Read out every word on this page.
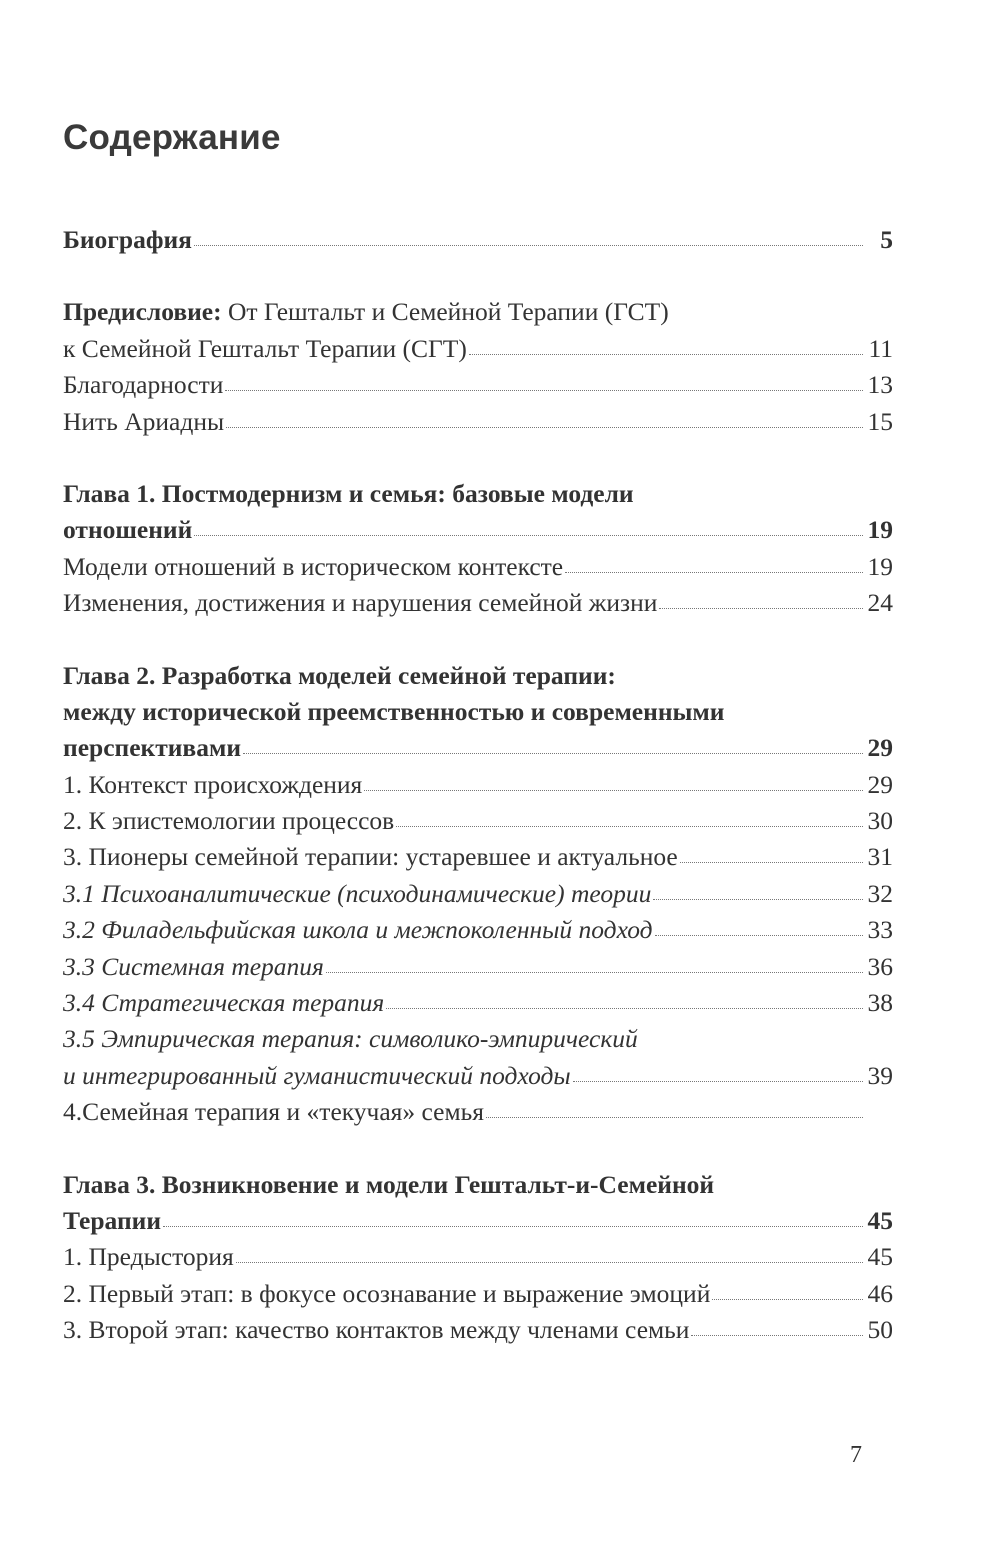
Содержание
Биография	5
Предисловие: От Гештальт и Семейной Терапии (ГСТ)
к Семейной Гештальт Терапии (СГТ)	11
Благодарности	13
Нить Ариадны	15
Глава 1. Постмодернизм и семья: базовые модели
отношений	19
Модели отношений в историческом контексте	19
Изменения, достижения и нарушения семейной жизни	24
Глава 2. Разработка моделей семейной терапии:
между исторической преемственностью и современными
перспективами	29
1. Контекст происхождения	29
2. К эпистемологии процессов	30
3. Пионеры семейной терапии: устаревшее и актуальное	31
3.1 Психоаналитические (психодинамические) теории	32
3.2 Филадельфийская школа и межпоколенный подход	33
3.3 Системная терапия	36
3.4 Стратегическая терапия	38
3.5 Эмпирическая терапия: символико-эмпирический
и интегрированный гуманистический подходы	39
4.Семейная терапия и «текучая» семья
Глава 3. Возникновение и модели Гештальт-и-Семейной
Терапии	45
1. Предыстория	45
2. Первый этап: в фокусе осознавание и выражение эмоций	46
3. Второй этап: качество контактов между членами семьи	50
7
